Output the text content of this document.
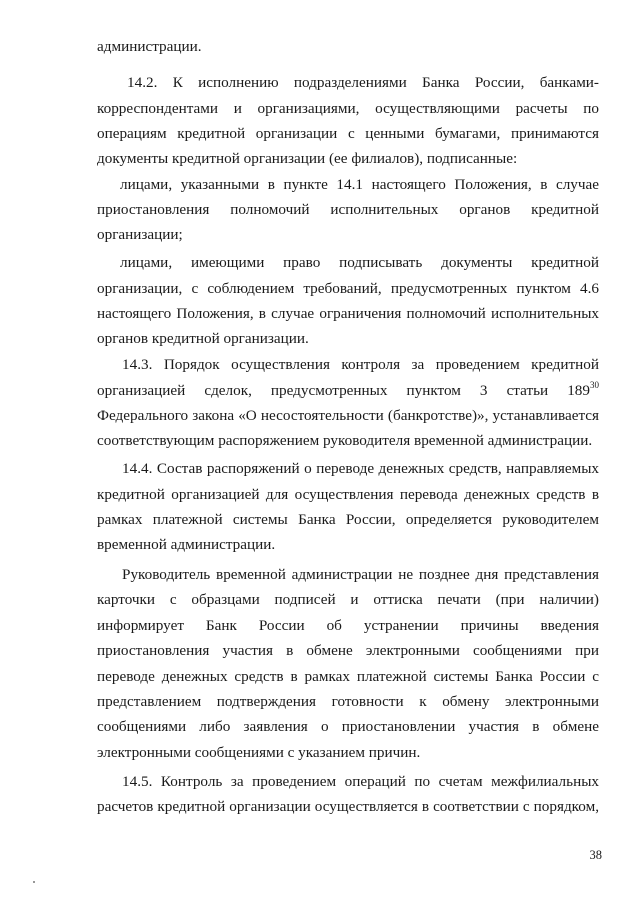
администрации.
14.2. К исполнению подразделениями Банка России, банками-
корреспондентами и организациями, осуществляющими расчеты по
операциям кредитной организации с ценными бумагами, принимаются
документы кредитной организации (ее филиалов), подписанные:
лицами, указанными в пункте 14.1 настоящего Положения, в случае
приостановления полномочий исполнительных органов кредитной
организации;
лицами, имеющими право подписывать документы кредитной
организации, с соблюдением требований, предусмотренных пунктом 4.6
настоящего Положения, в случае ограничения полномочий исполнительных
органов кредитной организации.
14.3. Порядок осуществления контроля за проведением кредитной
организацией сделок, предусмотренных пунктом 3 статьи $189^{30}$
Федерального закона «О несостоятельности (банкротстве)», устанавливается
соответствующим распоряжением руководителя временной администрации.
14.4. Состав распоряжений о переводе денежных средств, направляемых
кредитной организацией для осуществления перевода денежных средств в
рамках платежной системы Банка России, определяется руководителем
временной администрации.
Руководитель временной администрации не позднее дня представления
карточки с образцами подписей и оттиска печати (при наличии)
информирует Банк России об устранении причины введения
приостановления участия в обмене электронными сообщениями при
переводе денежных средств в рамках платежной системы Банка России с
представлением подтверждения готовности к обмену электронными
сообщениями либо заявления о приостановлении участия в обмене
электронными сообщениями с указанием причин.
14.5. Контроль за проведением операций по счетам межфилиальных
расчетов кредитной организации осуществляется в соответствии с порядком,
38
